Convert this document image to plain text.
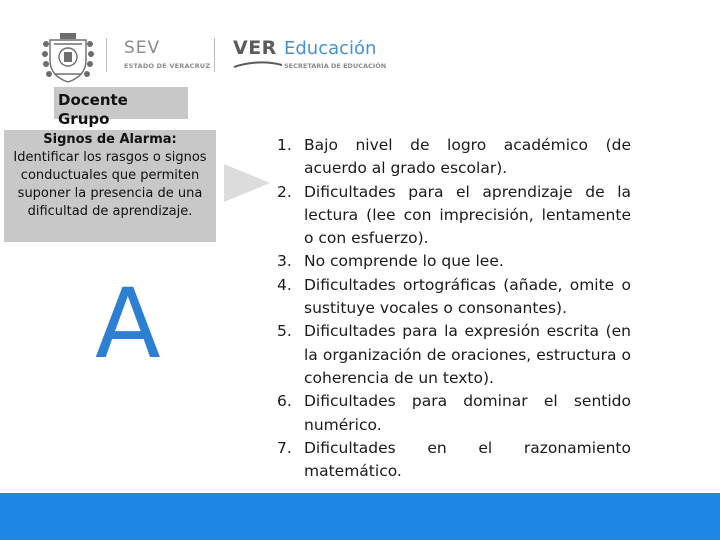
SEV
ESTADO DE VERACRUZ
VER Educación
SECRETARÍA DE EDUCACIÓN
Docente
Grupo
Signos de Alarma:
Identificar los rasgos o signos conductuales que permiten suponer la presencia de una dificultad de aprendizaje.
A
1. Bajo nivel de logro académico (de acuerdo al grado escolar).
2. Dificultades para el aprendizaje de la lectura (lee con imprecisión, lentamente o con esfuerzo).
3. No comprende lo que lee.
4. Dificultades ortográficas (añade, omite o sustituye vocales o consonantes).
5. Dificultades para la expresión escrita (en la organización de oraciones, estructura o coherencia de un texto).
6. Dificultades para dominar el sentido numérico.
7. Dificultades en el razonamiento matemático.
